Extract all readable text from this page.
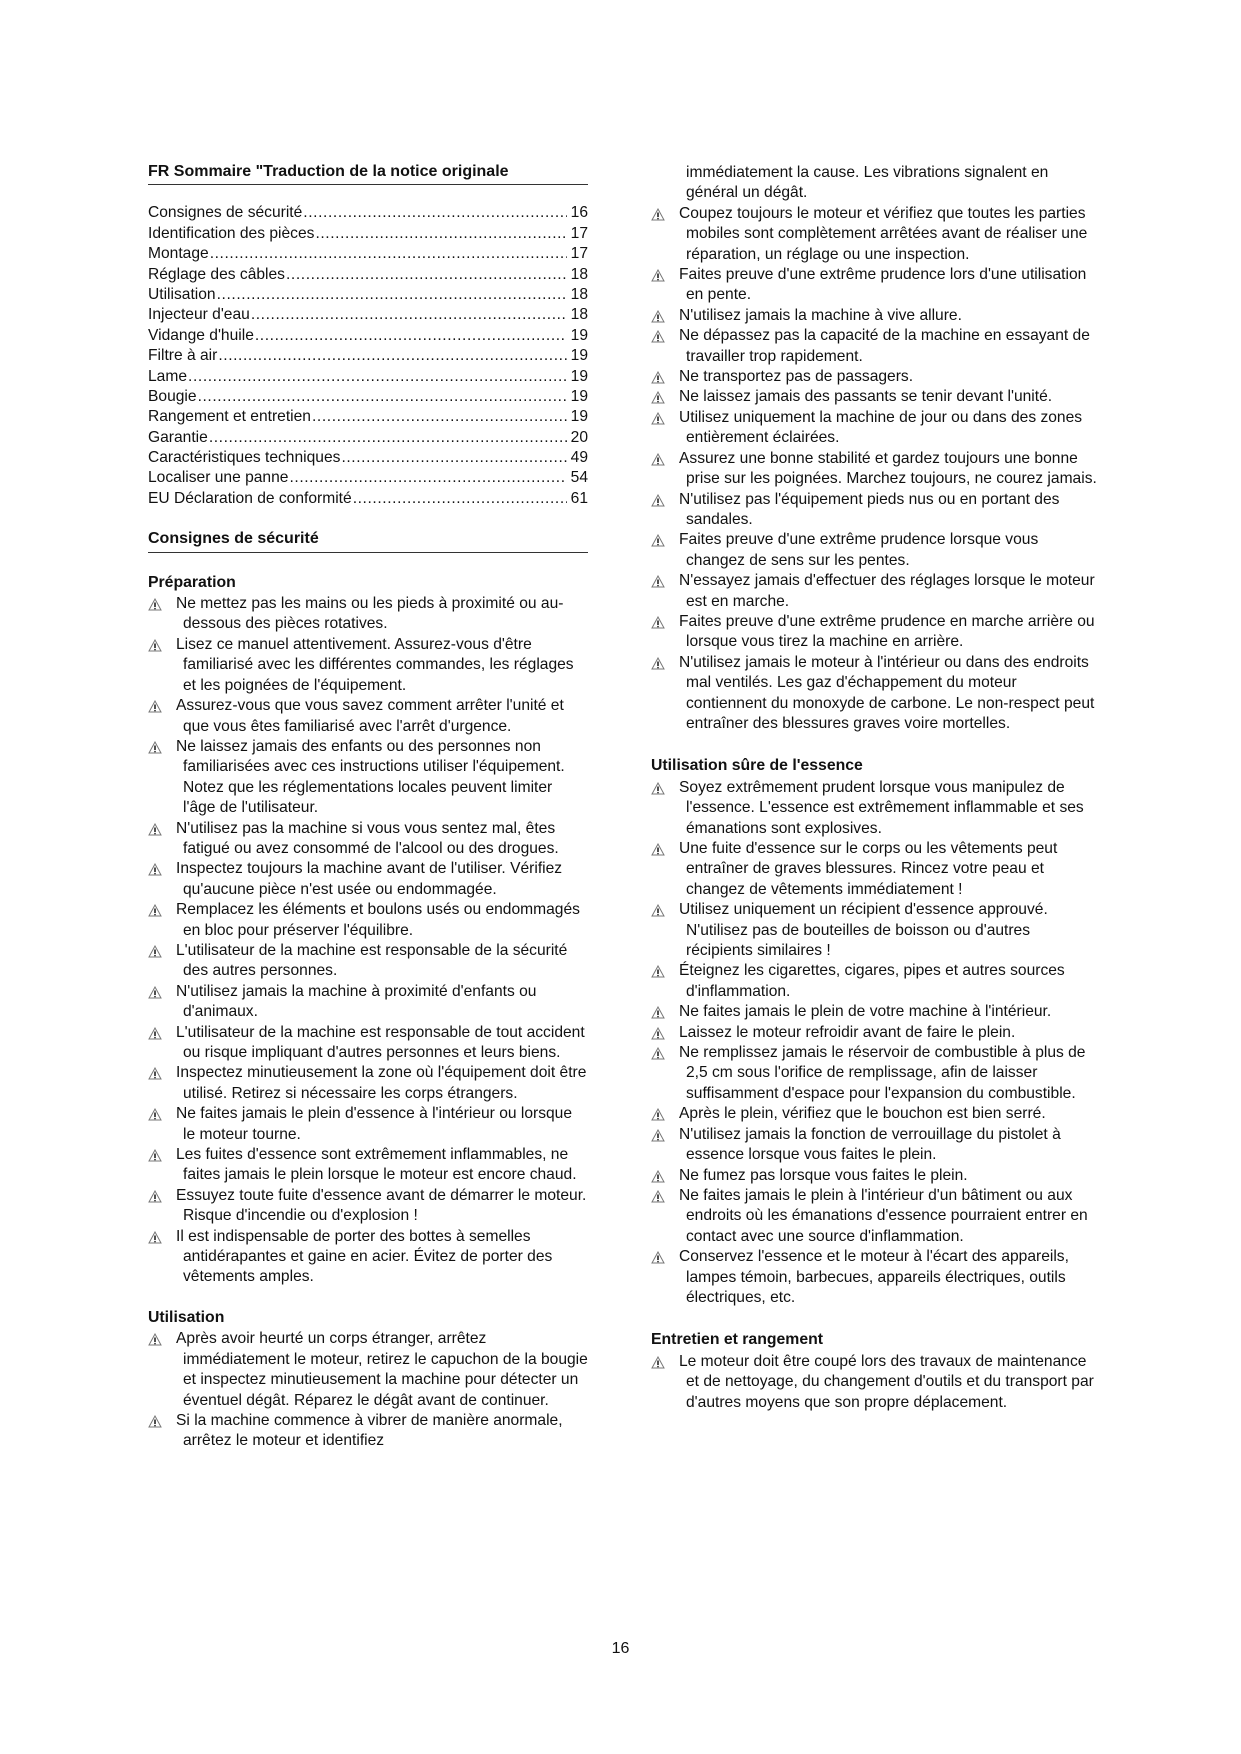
FR Sommaire "Traduction de la notice originale
Consignes de sécurité .....	16
Identification des pièces .....	17
Montage .....	17
Réglage des câbles .....	18
Utilisation .....	18
Injecteur d'eau .....	18
Vidange d'huile .....	19
Filtre à air .....	19
Lame .....	19
Bougie .....	19
Rangement et entretien .....	19
Garantie .....	20
Caractéristiques techniques .....	49
Localiser une panne .....	54
EU Déclaration de conformité .....	61
Consignes de sécurité
Préparation
Ne mettez pas les mains ou les pieds à proximité ou au-dessous des pièces rotatives.
Lisez ce manuel attentivement. Assurez-vous d'être familiarisé avec les différentes commandes, les réglages et les poignées de l'équipement.
Assurez-vous que vous savez comment arrêter l'unité et que vous êtes familiarisé avec l'arrêt d'urgence.
Ne laissez jamais des enfants ou des personnes non familiarisées avec ces instructions utiliser l'équipement. Notez que les réglementations locales peuvent limiter l'âge de l'utilisateur.
N'utilisez pas la machine si vous vous sentez mal, êtes fatigué ou avez consommé de l'alcool ou des drogues.
Inspectez toujours la machine avant de l'utiliser. Vérifiez qu'aucune pièce n'est usée ou endommagée.
Remplacez les éléments et boulons usés ou endommagés en bloc pour préserver l'équilibre.
L'utilisateur de la machine est responsable de la sécurité des autres personnes.
N'utilisez jamais la machine à proximité d'enfants ou d'animaux.
L'utilisateur de la machine est responsable de tout accident ou risque impliquant d'autres personnes et leurs biens.
Inspectez minutieusement la zone où l'équipement doit être utilisé. Retirez si nécessaire les corps étrangers.
Ne faites jamais le plein d'essence à l'intérieur ou lorsque le moteur tourne.
Les fuites d'essence sont extrêmement inflammables, ne faites jamais le plein lorsque le moteur est encore chaud.
Essuyez toute fuite d'essence avant de démarrer le moteur. Risque d'incendie ou d'explosion !
Il est indispensable de porter des bottes à semelles antidérapantes et gaine en acier. Évitez de porter des vêtements amples.
Utilisation
Après avoir heurté un corps étranger, arrêtez immédiatement le moteur, retirez le capuchon de la bougie et inspectez minutieusement la machine pour détecter un éventuel dégât. Réparez le dégât avant de continuer.
Si la machine commence à vibrer de manière anormale, arrêtez le moteur et identifiez
immédiatement la cause. Les vibrations signalent en général un dégât.
Coupez toujours le moteur et vérifiez que toutes les parties mobiles sont complètement arrêtées avant de réaliser une réparation, un réglage ou une inspection.
Faites preuve d'une extrême prudence lors d'une utilisation en pente.
N'utilisez jamais la machine à vive allure.
Ne dépassez pas la capacité de la machine en essayant de travailler trop rapidement.
Ne transportez pas de passagers.
Ne laissez jamais des passants se tenir devant l'unité.
Utilisez uniquement la machine de jour ou dans des zones entièrement éclairées.
Assurez une bonne stabilité et gardez toujours une bonne prise sur les poignées. Marchez toujours, ne courez jamais.
N'utilisez pas l'équipement pieds nus ou en portant des sandales.
Faites preuve d'une extrême prudence lorsque vous changez de sens sur les pentes.
N'essayez jamais d'effectuer des réglages lorsque le moteur est en marche.
Faites preuve d'une extrême prudence en marche arrière ou lorsque vous tirez la machine en arrière.
N'utilisez jamais le moteur à l'intérieur ou dans des endroits mal ventilés. Les gaz d'échappement du moteur contiennent du monoxyde de carbone. Le non-respect peut entraîner des blessures graves voire mortelles.
Utilisation sûre de l'essence
Soyez extrêmement prudent lorsque vous manipulez de l'essence. L'essence est extrêmement inflammable et ses émanations sont explosives.
Une fuite d'essence sur le corps ou les vêtements peut entraîner de graves blessures. Rincez votre peau et changez de vêtements immédiatement !
Utilisez uniquement un récipient d'essence approuvé. N'utilisez pas de bouteilles de boisson ou d'autres récipients similaires !
Éteignez les cigarettes, cigares, pipes et autres sources d'inflammation.
Ne faites jamais le plein de votre machine à l'intérieur.
Laissez le moteur refroidir avant de faire le plein.
Ne remplissez jamais le réservoir de combustible à plus de 2,5 cm sous l'orifice de remplissage, afin de laisser suffisamment d'espace pour l'expansion du combustible.
Après le plein, vérifiez que le bouchon est bien serré.
N'utilisez jamais la fonction de verrouillage du pistolet à essence lorsque vous faites le plein.
Ne fumez pas lorsque vous faites le plein.
Ne faites jamais le plein à l'intérieur d'un bâtiment ou aux endroits où les émanations d'essence pourraient entrer en contact avec une source d'inflammation.
Conservez l'essence et le moteur à l'écart des appareils, lampes témoin, barbecues, appareils électriques, outils électriques, etc.
Entretien et rangement
Le moteur doit être coupé lors des travaux de maintenance et de nettoyage, du changement d'outils et du transport par d'autres moyens que son propre déplacement.
16
